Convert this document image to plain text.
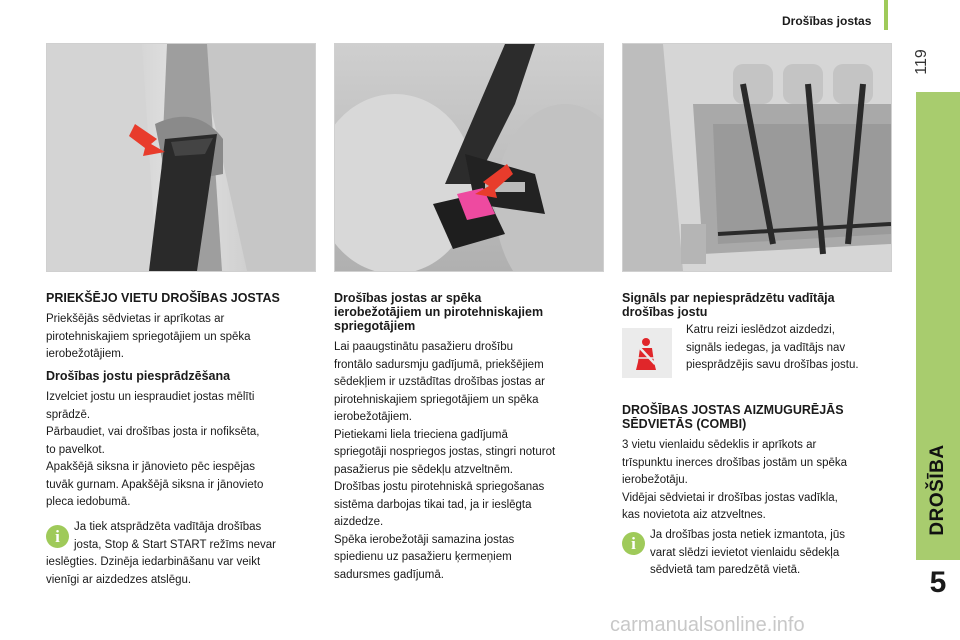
Drošības jostas
119
DROŠĪBA
5
PRIEKŠĒJO VIETU DROŠĪBAS JOSTAS
Priekšējās sēdvietas ir aprīkotas ar
pirotehniskajiem spriegotājiem un spēka
ierobežotājiem.
Drošības jostu piesprādzēšana
Izvelciet jostu un iespraudiet jostas mēlīti
sprādzē.
Pārbaudiet, vai drošības josta ir nofiksēta,
to pavelkot.
Apakšējā siksna ir jānovieto pēc iespējas
tuvāk gurnam. Apakšējā siksna ir jānovieto
pleca iedobumā.
i	Ja tiek atsprādzēta vadītāja drošības
josta, Stop & Start START režīms nevar
ieslēgties. Dzinēja iedarbināšanu var veikt
vienīgi ar aizdedzes atslēgu.
Drošības jostas ar spēka
ierobežotājiem un pirotehniskajiem
spriegotājiem
Lai paaugstinātu pasažieru drošību
frontālo sadursmju gadījumā, priekšējiem
sēdekļiem ir uzstādītas drošības jostas ar
pirotehniskajiem spriegotājiem un spēka
ierobežotājiem.
Pietiekami liela trieciena gadījumā
spriegotāji nospriegos jostas, stingri noturot
pasažierus pie sēdekļu atzveltnēm.
Drošības jostu pirotehniskā spriegošanas
sistēma darbojas tikai tad, ja ir ieslēgta
aizdedze.
Spēka ierobežotāji samazina jostas
spiedienu uz pasažieru ķermeņiem
sadursmes gadījumā.
Signāls par nepiesprādzētu vadītāja
drošības jostu
Katru reizi ieslēdzot aizdedzi,
signāls iedegas, ja vadītājs nav
piesprādzējis savu drošības jostu.
DROŠĪBAS JOSTAS AIZMUGURĒJĀS
SĒDVIETĀS (COMBI)
3 vietu vienlaidu sēdeklis ir aprīkots ar
trīspunktu inerces drošības jostām un spēka
ierobežotāju.
Vidējai sēdvietai ir drošības jostas vadīkla,
kas novietota aiz atzveltnes.
i	Ja drošības josta netiek izmantota, jūs
varat slēdzi ievietot vienlaidu sēdekļa
sēdvietā tam paredzētā vietā.
carmanualsonline.info
